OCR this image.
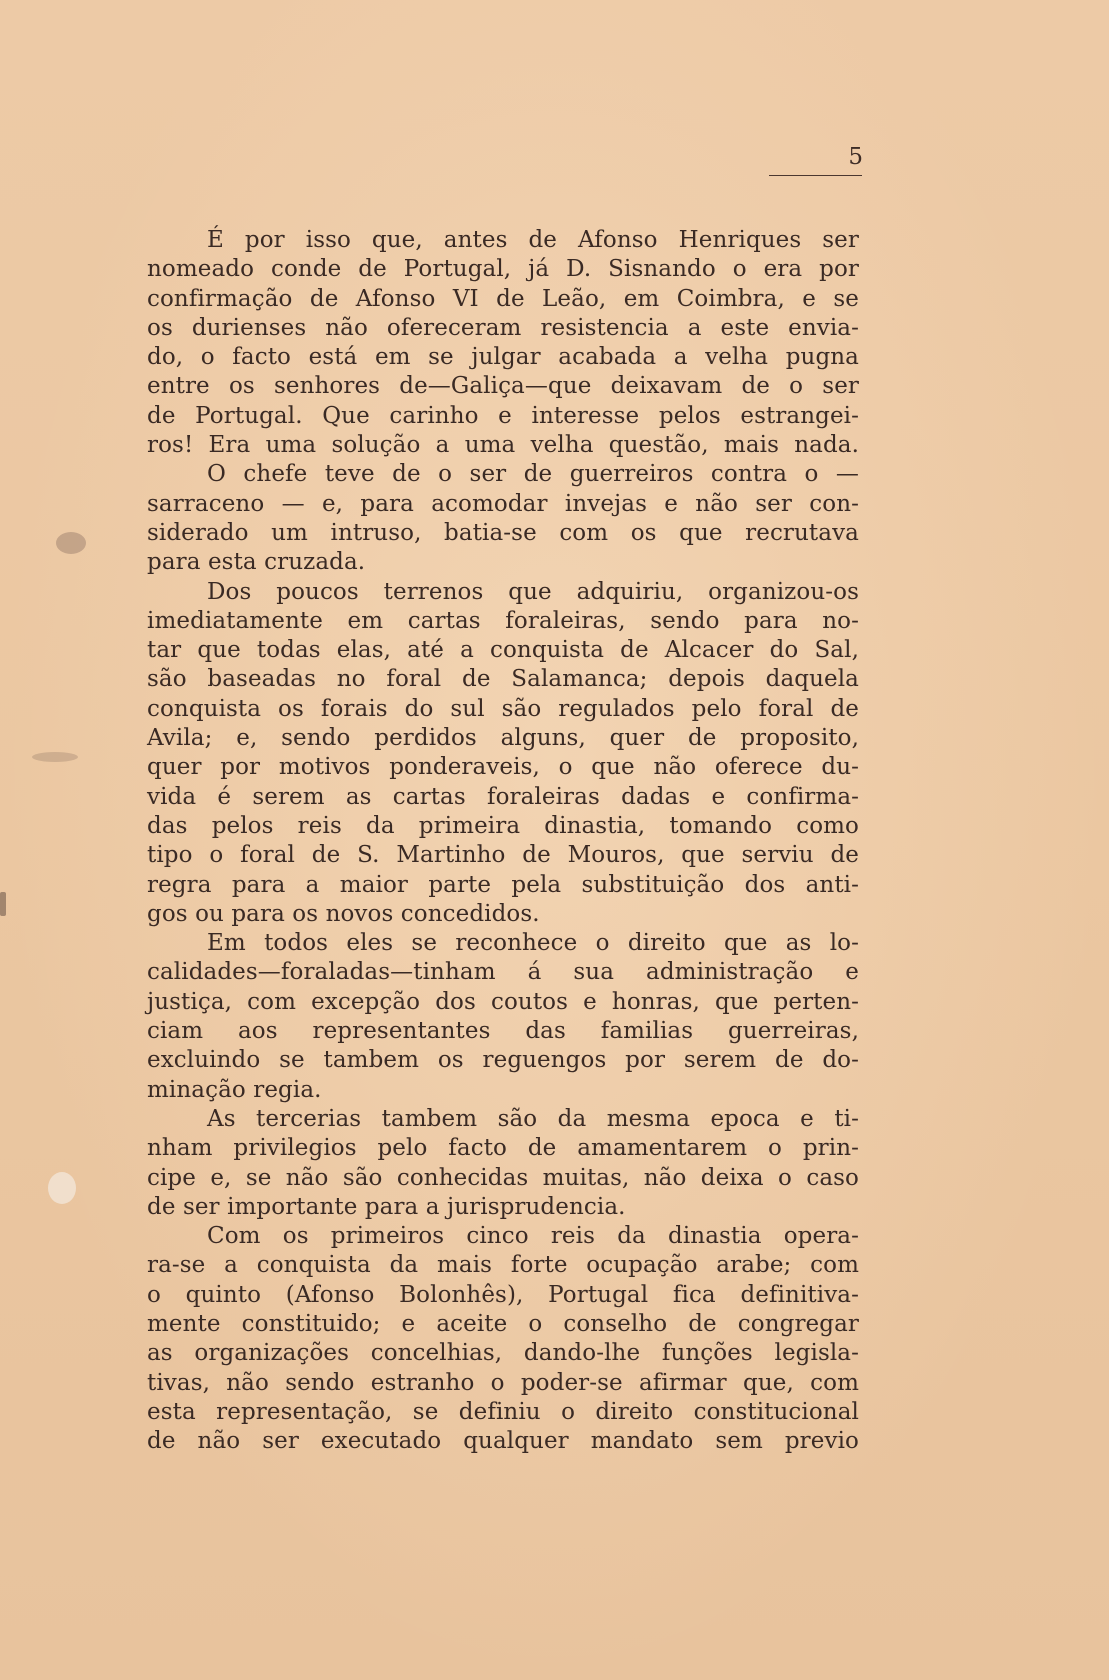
5
É por isso que, antes de Afonso Henriques ser
nomeado conde de Portugal, já D. Sisnando o era por
confirmação de Afonso VI de Leão, em Coimbra, e se
os durienses não ofereceram resistencia a este envia-
do, o facto está em se julgar acabada a velha pugna
entre os senhores de—Galiça—que deixavam de o ser
de Portugal. Que carinho e interesse pelos estrangei-
ros! Era uma solução a uma velha questão, mais nada.
O chefe teve de o ser de guerreiros contra o —
sarraceno — e, para acomodar invejas e não ser con-
siderado um intruso, batia-se com os que recrutava
para esta cruzada.
Dos poucos terrenos que adquiriu, organizou-os
imediatamente em cartas foraleiras, sendo para no-
tar que todas elas, até a conquista de Alcacer do Sal,
são baseadas no foral de Salamanca; depois daquela
conquista os forais do sul são regulados pelo foral de
Avila; e, sendo perdidos alguns, quer de proposito,
quer por motivos ponderaveis, o que não oferece du-
vida é serem as cartas foraleiras dadas e confirma-
das pelos reis da primeira dinastia, tomando como
tipo o foral de S. Martinho de Mouros, que serviu de
regra para a maior parte pela substituição dos anti-
gos ou para os novos concedidos.
Em todos eles se reconhece o direito que as lo-
calidades—foraladas—tinham á sua administração e
justiça, com excepção dos coutos e honras, que perten-
ciam aos representantes das familias guerreiras,
excluindo se tambem os reguengos por serem de do-
minação regia.
As tercerias tambem são da mesma epoca e ti-
nham privilegios pelo facto de amamentarem o prin-
cipe e, se não são conhecidas muitas, não deixa o caso
de ser importante para a jurisprudencia.
Com os primeiros cinco reis da dinastia opera-
ra-se a conquista da mais forte ocupação arabe; com
o quinto (Afonso Bolonhês), Portugal fica definitiva-
mente constituido; e aceite o conselho de congregar
as organizações concelhias, dando-lhe funções legisla-
tivas, não sendo estranho o poder-se afirmar que, com
esta representação, se definiu o direito constitucional
de não ser executado qualquer mandato sem previo
